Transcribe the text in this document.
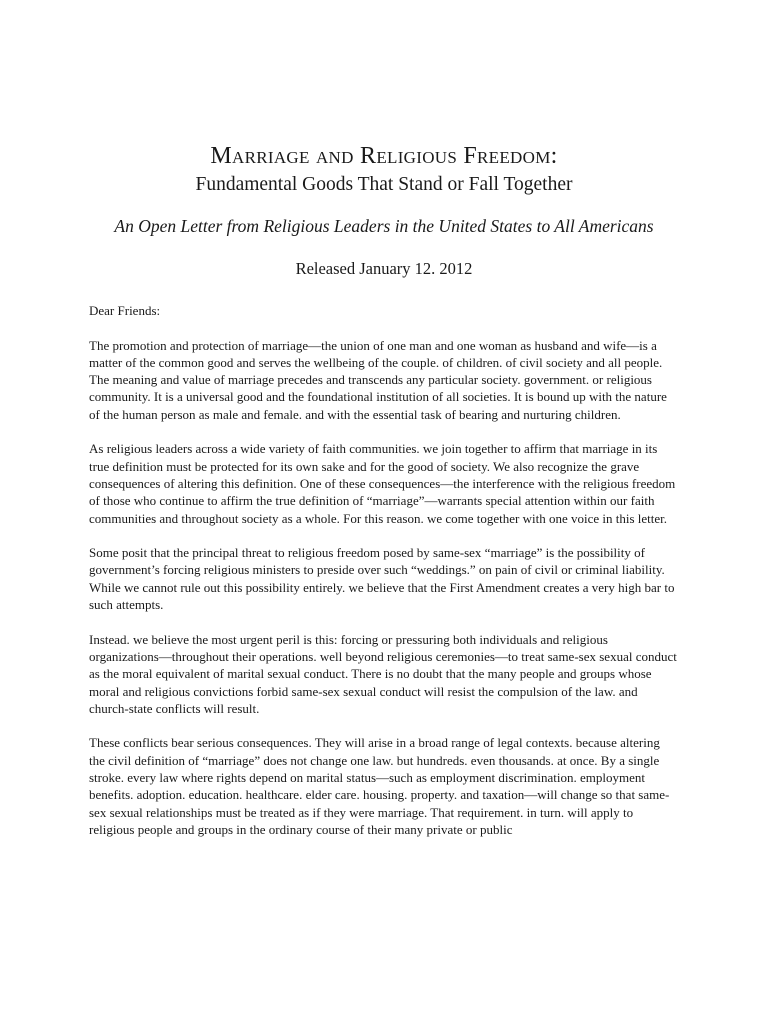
Marriage and Religious Freedom:
Fundamental Goods That Stand or Fall Together
An Open Letter from Religious Leaders in the United States to All Americans
Released January 12. 2012

Dear Friends:

The promotion and protection of marriage—the union of one man and one woman as husband and wife—is a matter of the common good and serves the wellbeing of the couple. of children. of civil society and all people. The meaning and value of marriage precedes and transcends any particular society. government. or religious community. It is a universal good and the foundational institution of all societies. It is bound up with the nature of the human person as male and female. and with the essential task of bearing and nurturing children.

As religious leaders across a wide variety of faith communities. we join together to affirm that marriage in its true definition must be protected for its own sake and for the good of society. We also recognize the grave consequences of altering this definition. One of these consequences—the interference with the religious freedom of those who continue to affirm the true definition of “marriage”—warrants special attention within our faith communities and throughout society as a whole. For this reason. we come together with one voice in this letter.

Some posit that the principal threat to religious freedom posed by same-sex “marriage” is the possibility of government’s forcing religious ministers to preside over such “weddings.” on pain of civil or criminal liability. While we cannot rule out this possibility entirely. we believe that the First Amendment creates a very high bar to such attempts.

Instead. we believe the most urgent peril is this: forcing or pressuring both individuals and religious organizations—throughout their operations. well beyond religious ceremonies—to treat same-sex sexual conduct as the moral equivalent of marital sexual conduct. There is no doubt that the many people and groups whose moral and religious convictions forbid same-sex sexual conduct will resist the compulsion of the law. and church-state conflicts will result.

These conflicts bear serious consequences. They will arise in a broad range of legal contexts. because altering the civil definition of “marriage” does not change one law. but hundreds. even thousands. at once. By a single stroke. every law where rights depend on marital status—such as employment discrimination. employment benefits. adoption. education. healthcare. elder care. housing. property. and taxation—will change so that same-sex sexual relationships must be treated as if they were marriage. That requirement. in turn. will apply to religious people and groups in the ordinary course of their many private or public
